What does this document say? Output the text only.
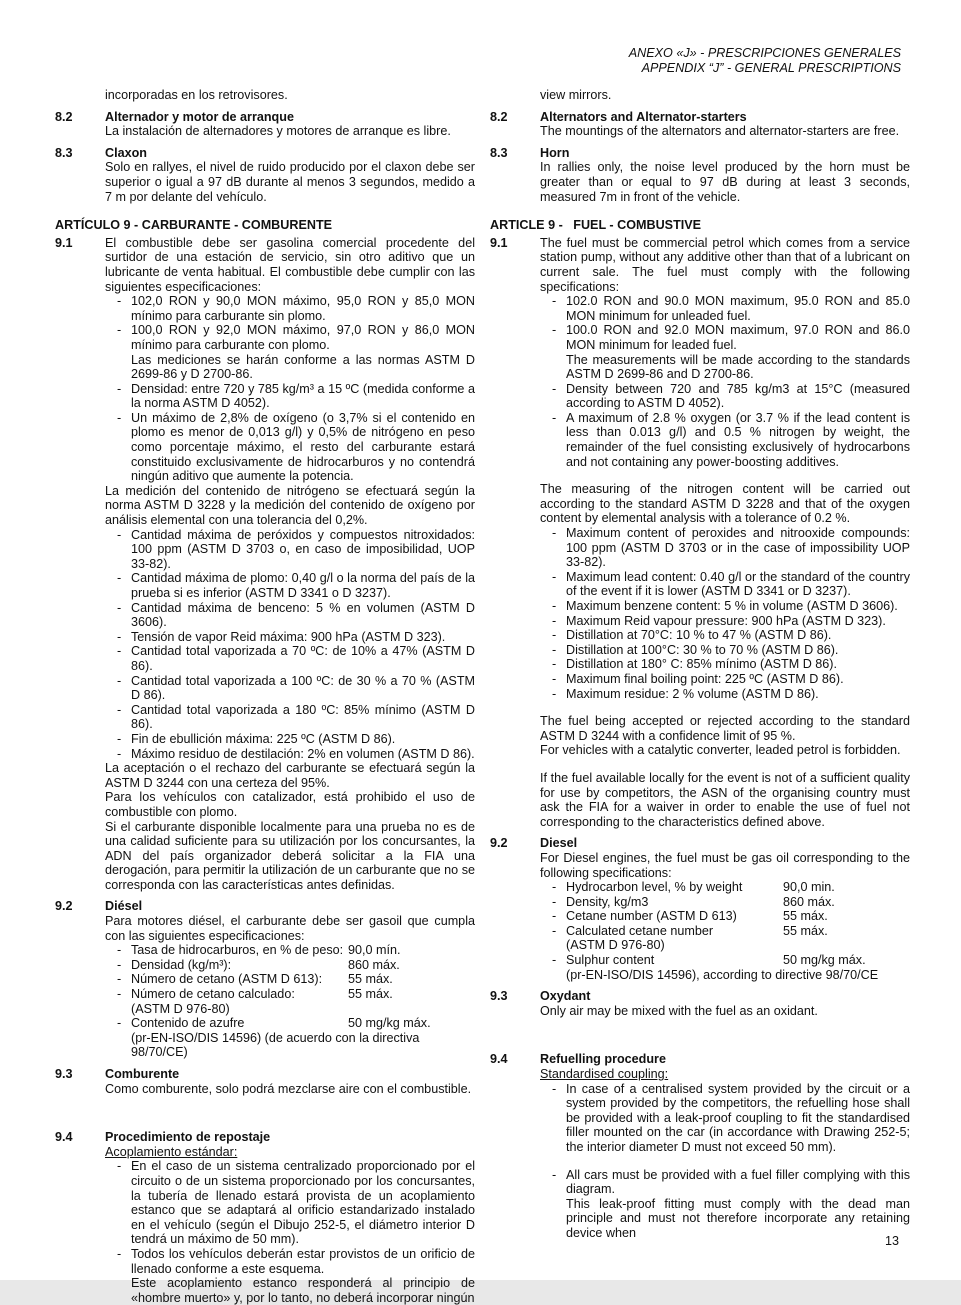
ANEXO «J» - PRESCRIPCIONES GENERALES
APPENDIX “J” - GENERAL PRESCRIPTIONS
incorporadas en los retrovisores.
8.2	Alternador y motor de arranque
La instalación de alternadores y motores de arranque es libre.
8.3	Claxon
Solo en rallyes, el nivel de ruido producido por el claxon debe ser superior o igual a 97 dB durante al menos 3 segundos, medido a 7 m por delante del vehículo.
ARTÍCULO 9 - CARBURANTE - COMBURENTE
9.1	El combustible debe ser gasolina comercial procedente del surtidor de una estación de servicio, sin otro aditivo que un lubricante de venta habitual. El combustible debe cumplir con las siguientes especificaciones:
- 102,0 RON y 90,0 MON máximo, 95,0 RON y 85,0 MON mínimo para carburante sin plomo.
- 100,0 RON y 92,0 MON máximo, 97,0 RON y 86,0 MON mínimo para carburante con plomo.
Las mediciones se harán conforme a las normas ASTM D 2699-86 y D 2700-86.
- Densidad: entre 720 y 785 kg/m³ a 15 ºC (medida conforme a la norma ASTM D 4052).
- Un máximo de 2,8% de oxígeno (o 3,7% si el contenido en plomo es menor de 0,013 g/l) y 0,5% de nitrógeno en peso como porcentaje máximo, el resto del carburante estará constituido exclusivamente de hidrocarburos y no contendrá ningún aditivo que aumente la potencia.
La medición del contenido de nitrógeno se efectuará según la norma ASTM D 3228 y la medición del contenido de oxígeno por análisis elemental con una tolerancia del 0,2%.
- Cantidad máxima de peróxidos y compuestos nitroxidados: 100 ppm (ASTM D 3703 o, en caso de imposibilidad, UOP 33-82).
- Cantidad máxima de plomo: 0,40 g/l o la norma del país de la prueba si es inferior (ASTM D 3341 o D 3237).
- Cantidad máxima de benceno: 5 % en volumen (ASTM D 3606).
- Tensión de vapor Reid máxima: 900 hPa (ASTM D 323).
- Cantidad total vaporizada a 70 ºC: de 10% a 47% (ASTM D 86).
- Cantidad total vaporizada a 100 ºC: de 30 % a 70 % (ASTM D 86).
- Cantidad total vaporizada a 180 ºC: 85% mínimo (ASTM D 86).
- Fin de ebullición máxima: 225 ºC (ASTM D 86).
- Máximo residuo de destilación: 2% en volumen (ASTM D 86).
La aceptación o el rechazo del carburante se efectuará según la ASTM D 3244 con una certeza del 95%.
Para los vehículos con catalizador, está prohibido el uso de combustible con plomo.
Si el carburante disponible localmente para una prueba no es de una calidad suficiente para su utilización por los concursantes, la ADN del país organizador deberá solicitar a la FIA una derogación, para permitir la utilización de un carburante que no se corresponda con las características antes definidas.
9.2	Diésel
Para motores diésel, el carburante debe ser gasoil que cumpla con las siguientes especificaciones:
- Tasa de hidrocarburos, en % de peso: 90,0 mín.
- Densidad (kg/m³):	860 máx.
- Número de cetano (ASTM D 613): 55 máx.
- Número de cetano calculado:	55 máx.
(ASTM D 976-80)
- Contenido de azufre	50 mg/kg máx.
(pr-EN-ISO/DIS 14596) (de acuerdo con la directiva 98/70/CE)
9.3	Comburente
Como comburente, solo podrá mezclarse aire con el combustible.
9.4	Procedimiento de repostaje
Acoplamiento estándar:
- En el caso de un sistema centralizado proporcionado por el circuito o de un sistema proporcionado por los concursantes, la tubería de llenado estará provista de un acoplamiento estanco que se adaptará al orificio estandarizado instalado en el vehículo (según el Dibujo 252-5, el diámetro interior D tendrá un máximo de 50 mm).
- Todos los vehículos deberán estar provistos de un orificio de llenado conforme a este esquema.
Este acoplamiento estanco responderá al principio de «hombre muerto» y, por lo tanto, no deberá incorporar ningún
view mirrors.
8.2	Alternators and Alternator-starters
The mountings of the alternators and alternator-starters are free.
8.3	Horn
In rallies only, the noise level produced by the horn must be greater than or equal to 97 dB during at least 3 seconds, measured 7m in front of the vehicle.
ARTICLE 9 -   FUEL - COMBUSTIVE
9.1	The fuel must be commercial petrol which comes from a service station pump, without any additive other than that of a lubricant on current sale. The fuel must comply with the following specifications:
- 102.0 RON and 90.0 MON maximum, 95.0 RON and 85.0 MON minimum for unleaded fuel.
- 100.0 RON and 92.0 MON maximum, 97.0 RON and 86.0 MON minimum for leaded fuel.
The measurements will be made according to the standards ASTM D 2699-86 and D 2700-86.
- Density between 720 and 785 kg/m3 at 15°C (measured according to ASTM D 4052).
- A maximum of 2.8 % oxygen (or 3.7 % if the lead content is less than 0.013 g/l) and 0.5 % nitrogen by weight, the remainder of the fuel consisting exclusively of hydrocarbons and not containing any power-boosting additives.
The measuring of the nitrogen content will be carried out according to the standard ASTM D 3228 and that of the oxygen content by elemental analysis with a tolerance of 0.2 %.
- Maximum content of peroxides and nitrooxide compounds: 100 ppm (ASTM D 3703 or in the case of impossibility UOP 33-82).
- Maximum lead content: 0.40 g/l or the standard of the country of the event if it is lower (ASTM D 3341 or D 3237).
- Maximum benzene content: 5 % in volume (ASTM D 3606).
- Maximum Reid vapour pressure: 900 hPa (ASTM D 323).
- Distillation at 70°C: 10 % to 47 % (ASTM D 86).
- Distillation at 100°C: 30 % to 70 % (ASTM D 86).
- Distillation at 180° C: 85% mínimo (ASTM D 86).
- Maximum final boiling point: 225 ºC (ASTM D 86).
- Maximum residue: 2 % volume (ASTM D 86).
The fuel being accepted or rejected according to the standard ASTM D 3244 with a confidence limit of 95 %.
For vehicles with a catalytic converter, leaded petrol is forbidden.
If the fuel available locally for the event is not of a sufficient quality for use by competitors, the ASN of the organising country must ask the FIA for a waiver in order to enable the use of fuel not corresponding to the characteristics defined above.
9.2	Diesel
For Diesel engines, the fuel must be gas oil corresponding to the following specifications:
- Hydrocarbon level, % by weight	90,0 min.
- Density, kg/m3	860 máx.
- Cetane number (ASTM D 613)	55 máx.
- Calculated cetane number	55 máx.
(ASTM D 976-80)
- Sulphur content	50 mg/kg máx.
(pr-EN-ISO/DIS 14596), according to directive 98/70/CE
9.3	Oxydant
Only air may be mixed with the fuel as an oxidant.
9.4	Refuelling procedure
Standardised coupling:
- In case of a centralised system provided by the circuit or a system provided by the competitors, the refuelling hose shall be provided with a leak-proof coupling to fit the standardised filler mounted on the car (in accordance with Drawing 252-5; the interior diameter D must not exceed 50 mm).
- All cars must be provided with a fuel filler complying with this diagram.
This leak-proof fitting must comply with the dead man principle and must not therefore incorporate any retaining device when
13
